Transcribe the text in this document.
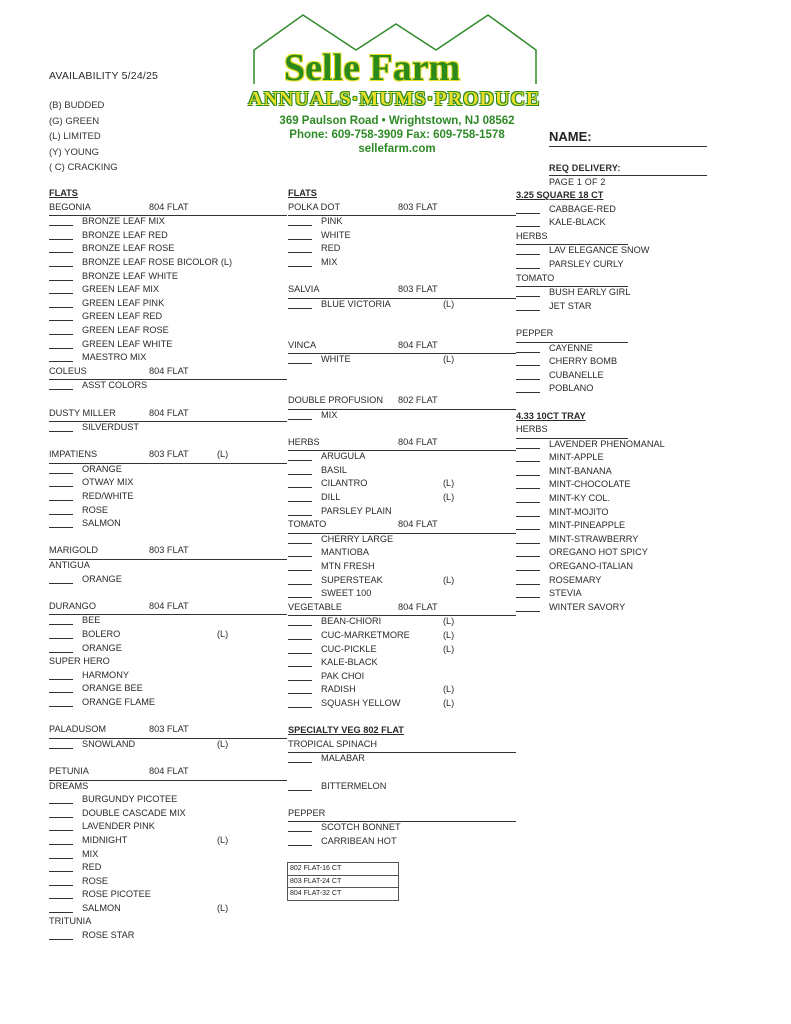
AVAILABILITY 5/24/25
(B) BUDDED
(G) GREEN
(L) LIMITED
(Y) YOUNG
( C) CRACKING
Selle Farm
ANNUALS·MUMS·PRODUCE
369 Paulson Road • Wrightstown, NJ 08562
Phone: 609-758-3909 Fax: 609-758-1578
sellefarm.com
NAME:
REQ DELIVERY:
PAGE 1 OF 2
FLATS
BEGONIA	804 FLAT
BRONZE LEAF MIX
BRONZE LEAF RED
BRONZE LEAF ROSE
BRONZE LEAF ROSE BICOLOR (L)
BRONZE LEAF WHITE
GREEN LEAF MIX
GREEN LEAF PINK
GREEN LEAF RED
GREEN LEAF ROSE
GREEN LEAF WHITE
MAESTRO MIX
COLEUS	804 FLAT
ASST COLORS
DUSTY MILLER	804 FLAT
SILVERDUST
IMPATIENS	803 FLAT	(L)
ORANGE
OTWAY MIX
RED/WHITE
ROSE
SALMON
MARIGOLD	803 FLAT
ANTIGUA
ORANGE
DURANGO	804 FLAT
BEE
BOLERO	(L)
ORANGE
SUPER HERO
HARMONY
ORANGE BEE
ORANGE FLAME
PALADUSOM	803 FLAT
SNOWLAND	(L)
PETUNIA	804 FLAT
DREAMS
BURGUNDY PICOTEE
DOUBLE CASCADE MIX
LAVENDER PINK
MIDNIGHT	(L)
MIX
RED
ROSE
ROSE PICOTEE
SALMON	(L)
TRITUNIA
ROSE STAR
FLATS
POLKA DOT	803 FLAT
PINK
WHITE
RED
MIX
SALVIA	803 FLAT
BLUE VICTORIA	(L)
VINCA	804 FLAT
WHITE	(L)
DOUBLE PROFUSION 802 FLAT
MIX
HERBS	804 FLAT
ARUGULA
BASIL
CILANTRO	(L)
DILL	(L)
PARSLEY PLAIN
TOMATO	804 FLAT
CHERRY LARGE
MANTIOBA
MTN FRESH
SUPERSTEAK	(L)
SWEET 100
VEGETABLE	804 FLAT
BEAN-CHIORI	(L)
CUC-MARKETMORE	(L)
CUC-PICKLE	(L)
KALE-BLACK
PAK CHOI
RADISH	(L)
SQUASH YELLOW	(L)
SPECIALTY VEG 802 FLAT
TROPICAL SPINACH
MALABAR
BITTERMELON
PEPPER
SCOTCH BONNET
CARRIBEAN HOT
3.25 SQUARE 18 CT
CABBAGE-RED
KALE-BLACK
HERBS
LAV ELEGANCE SNOW
PARSLEY CURLY
TOMATO
BUSH EARLY GIRL
JET STAR
PEPPER
CAYENNE
CHERRY BOMB
CUBANELLE
POBLANO
4.33 10CT TRAY
HERBS
LAVENDER PHENOMANAL
MINT-APPLE
MINT-BANANA
MINT-CHOCOLATE
MINT-KY COL.
MINT-MOJITO
MINT-PINEAPPLE
MINT-STRAWBERRY
OREGANO HOT SPICY
OREGANO-ITALIAN
ROSEMARY
STEVIA
WINTER SAVORY
802 FLAT-16 CT
803 FLAT-24 CT
804 FLAT-32 CT
